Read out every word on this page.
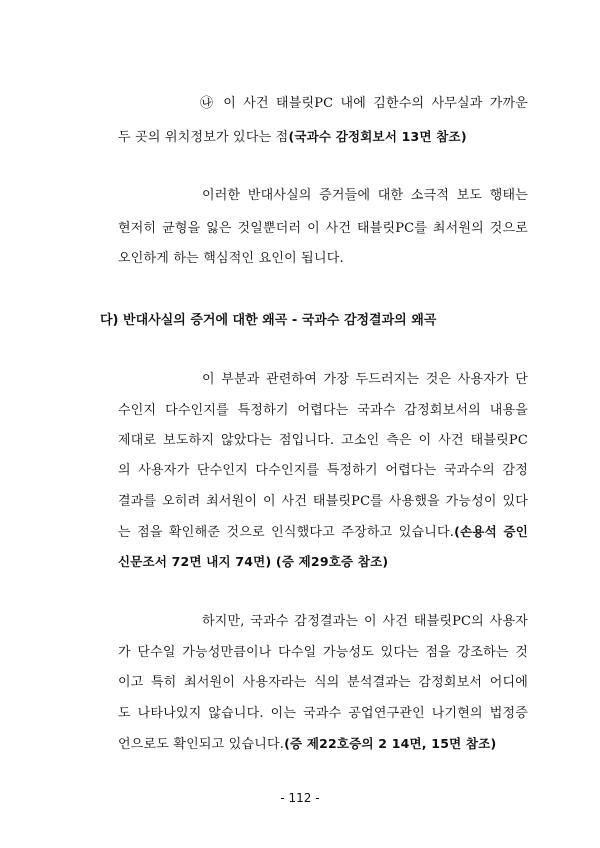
㉯ 이 사건 태블릿PC 내에 김한수의 사무실과 가까운
두 곳의 위치정보가 있다는 점(국과수 감정회보서 13면 참조)
이러한 반대사실의 증거들에 대한 소극적 보도 행태는
현저히 균형을 잃은 것일뿐더러 이 사건 태블릿PC를 최서원의 것으로
오인하게 하는 핵심적인 요인이 됩니다.
다) 반대사실의 증거에 대한 왜곡 - 국과수 감정결과의 왜곡
이 부분과 관련하여 가장 두드러지는 것은 사용자가 단
수인지 다수인지를 특정하기 어렵다는 국과수 감정회보서의 내용을
제대로 보도하지 않았다는 점입니다. 고소인 측은 이 사건 태블릿PC
의 사용자가 단수인지 다수인지를 특정하기 어렵다는 국과수의 감정
결과를 오히려 최서원이 이 사건 태블릿PC를 사용했을 가능성이 있다
는 점을 확인해준 것으로 인식했다고 주장하고 있습니다.(손용석 증인
신문조서 72면 내지 74면) (증 제29호증 참조)
하지만, 국과수 감정결과는 이 사건 태블릿PC의 사용자
가 단수일 가능성만큼이나 다수일 가능성도 있다는 점을 강조하는 것
이고 특히 최서원이 사용자라는 식의 분석결과는 감정회보서 어디에
도 나타나있지 않습니다. 이는 국과수 공업연구관인 나기현의 법정증
언으로도 확인되고 있습니다.(증 제22호증의 2 14면, 15면 참조)
- 112 -
